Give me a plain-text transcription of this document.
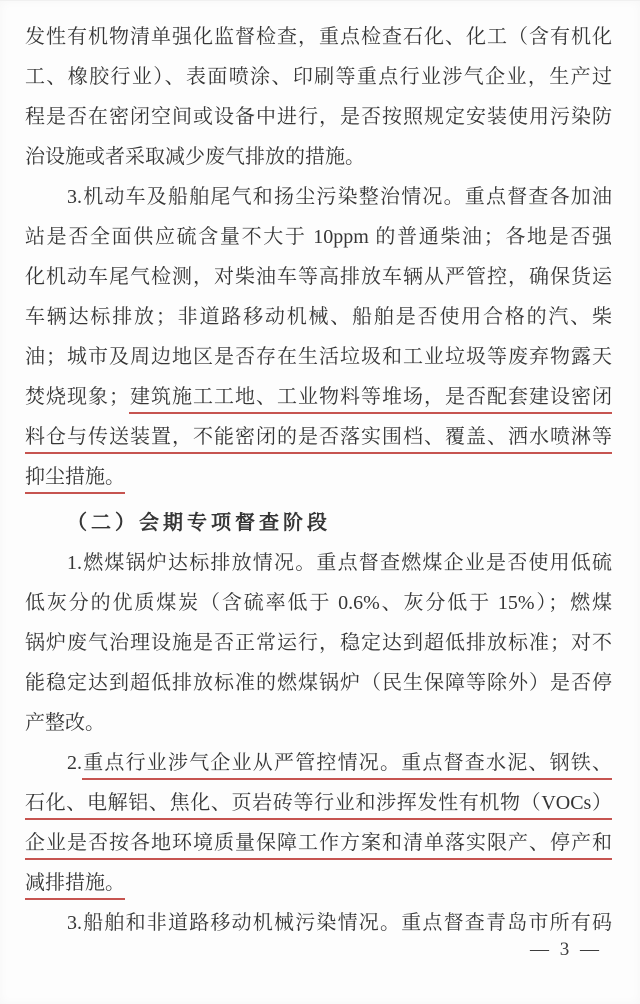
发性有机物清单强化监督检查，重点检查石化、化工（含有机化
工、橡胶行业）、表面喷涂、印刷等重点行业涉气企业，生产过
程是否在密闭空间或设备中进行，是否按照规定安装使用污染防
治设施或者采取减少废气排放的措施。
3.机动车及船舶尾气和扬尘污染整治情况。重点督查各加油
站是否全面供应硫含量不大于 10ppm 的普通柴油；各地是否强
化机动车尾气检测，对柴油车等高排放车辆从严管控，确保货运
车辆达标排放；非道路移动机械、船舶是否使用合格的汽、柴
油；城市及周边地区是否存在生活垃圾和工业垃圾等废弃物露天
焚烧现象；建筑施工工地、工业物料等堆场，是否配套建设密闭
料仓与传送装置，不能密闭的是否落实围档、覆盖、洒水喷淋等
抑尘措施。
（二）会期专项督查阶段
1.燃煤锅炉达标排放情况。重点督查燃煤企业是否使用低硫
低灰分的优质煤炭（含硫率低于 0.6%、灰分低于 15%）；燃煤
锅炉废气治理设施是否正常运行，稳定达到超低排放标准；对不
能稳定达到超低排放标准的燃煤锅炉（民生保障等除外）是否停
产整改。
2.重点行业涉气企业从严管控情况。重点督查水泥、钢铁、
石化、电解铝、焦化、页岩砖等行业和涉挥发性有机物（VOCs）
企业是否按各地环境质量保障工作方案和清单落实限产、停产和
减排措施。
3.船舶和非道路移动机械污染情况。重点督查青岛市所有码
— 3 —
